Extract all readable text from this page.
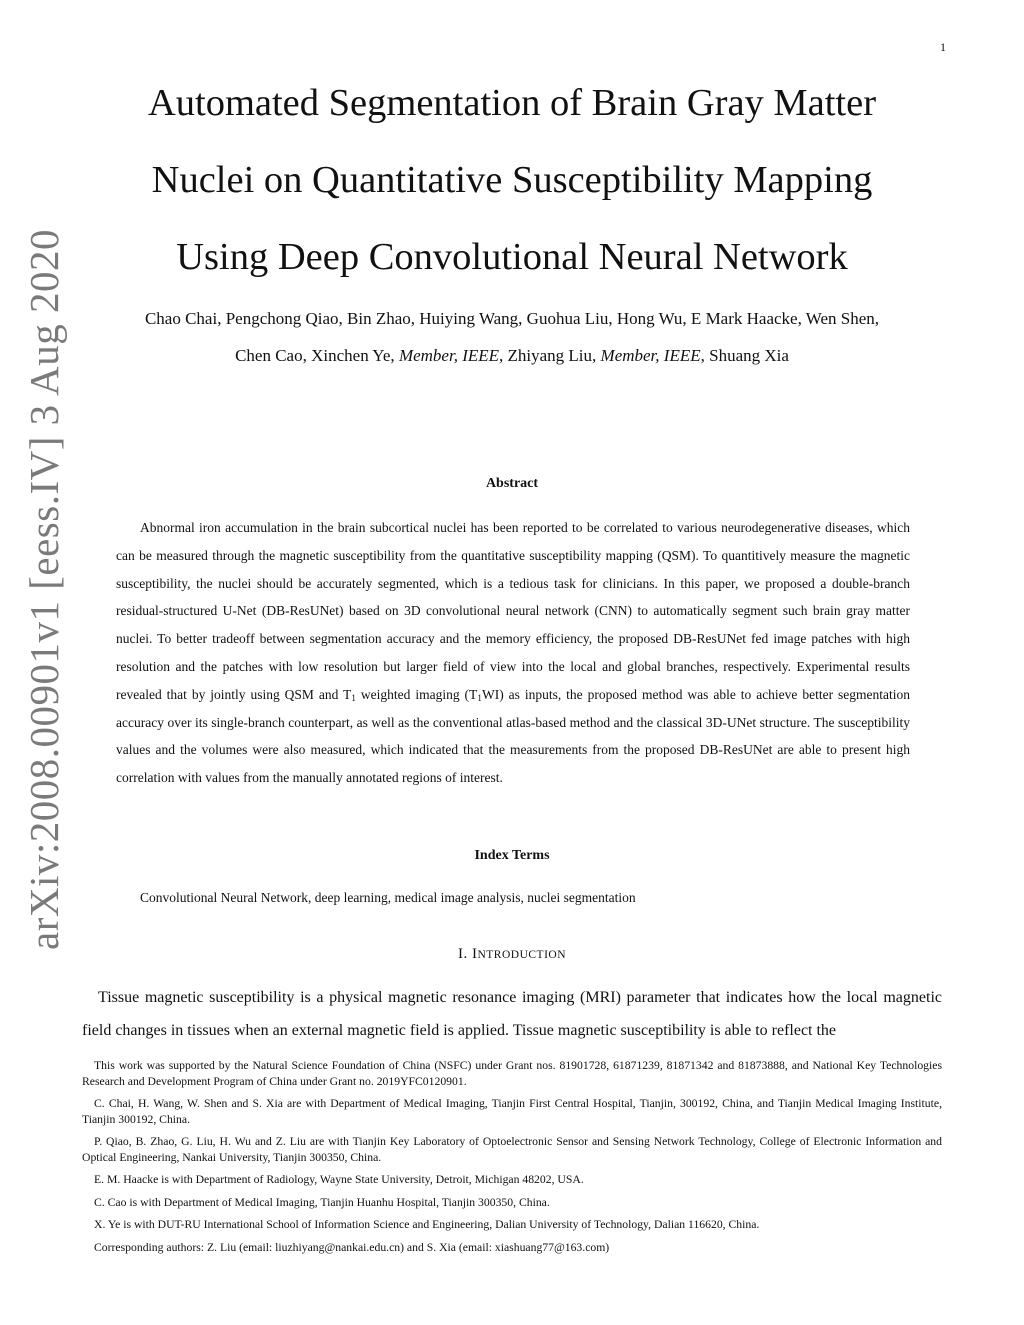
1
arXiv:2008.00901v1 [eess.IV] 3 Aug 2020
Automated Segmentation of Brain Gray Matter
Nuclei on Quantitative Susceptibility Mapping
Using Deep Convolutional Neural Network
Chao Chai, Pengchong Qiao, Bin Zhao, Huiying Wang, Guohua Liu, Hong Wu, E Mark Haacke, Wen Shen,
Chen Cao, Xinchen Ye, Member, IEEE, Zhiyang Liu, Member, IEEE, Shuang Xia
Abstract
Abnormal iron accumulation in the brain subcortical nuclei has been reported to be correlated to various neurodegenerative diseases, which can be measured through the magnetic susceptibility from the quantitative susceptibility mapping (QSM). To quantitively measure the magnetic susceptibility, the nuclei should be accurately segmented, which is a tedious task for clinicians. In this paper, we proposed a double-branch residual-structured U-Net (DB-ResUNet) based on 3D convolutional neural network (CNN) to automatically segment such brain gray matter nuclei. To better tradeoff between segmentation accuracy and the memory efficiency, the proposed DB-ResUNet fed image patches with high resolution and the patches with low resolution but larger field of view into the local and global branches, respectively. Experimental results revealed that by jointly using QSM and $T_1$ weighted imaging $(T_1WI)$ as inputs, the proposed method was able to achieve better segmentation accuracy over its single-branch counterpart, as well as the conventional atlas-based method and the classical 3D-UNet structure. The susceptibility values and the volumes were also measured, which indicated that the measurements from the proposed DB-ResUNet are able to present high correlation with values from the manually annotated regions of interest.
Index Terms
Convolutional Neural Network, deep learning, medical image analysis, nuclei segmentation
I. INTRODUCTION
Tissue magnetic susceptibility is a physical magnetic resonance imaging (MRI) parameter that indicates how the local magnetic field changes in tissues when an external magnetic field is applied. Tissue magnetic susceptibility is able to reflect the

This work was supported by the Natural Science Foundation of China (NSFC) under Grant nos. 81901728, 61871239, 81871342 and 81873888, and National Key Technologies Research and Development Program of China under Grant no. 2019YFC0120901.

C. Chai, H. Wang, W. Shen and S. Xia are with Department of Medical Imaging, Tianjin First Central Hospital, Tianjin, 300192, China, and Tianjin Medical Imaging Institute, Tianjin 300192, China.

P. Qiao, B. Zhao, G. Liu, H. Wu and Z. Liu are with Tianjin Key Laboratory of Optoelectronic Sensor and Sensing Network Technology, College of Electronic Information and Optical Engineering, Nankai University, Tianjin 300350, China.

E. M. Haacke is with Department of Radiology, Wayne State University, Detroit, Michigan 48202, USA.

C. Cao is with Department of Medical Imaging, Tianjin Huanhu Hospital, Tianjin 300350, China.

X. Ye is with DUT-RU International School of Information Science and Engineering, Dalian University of Technology, Dalian 116620, China.

Corresponding authors: Z. Liu (email: liuzhiyang@nankai.edu.cn) and S. Xia (email: xiashuang77@163.com)
